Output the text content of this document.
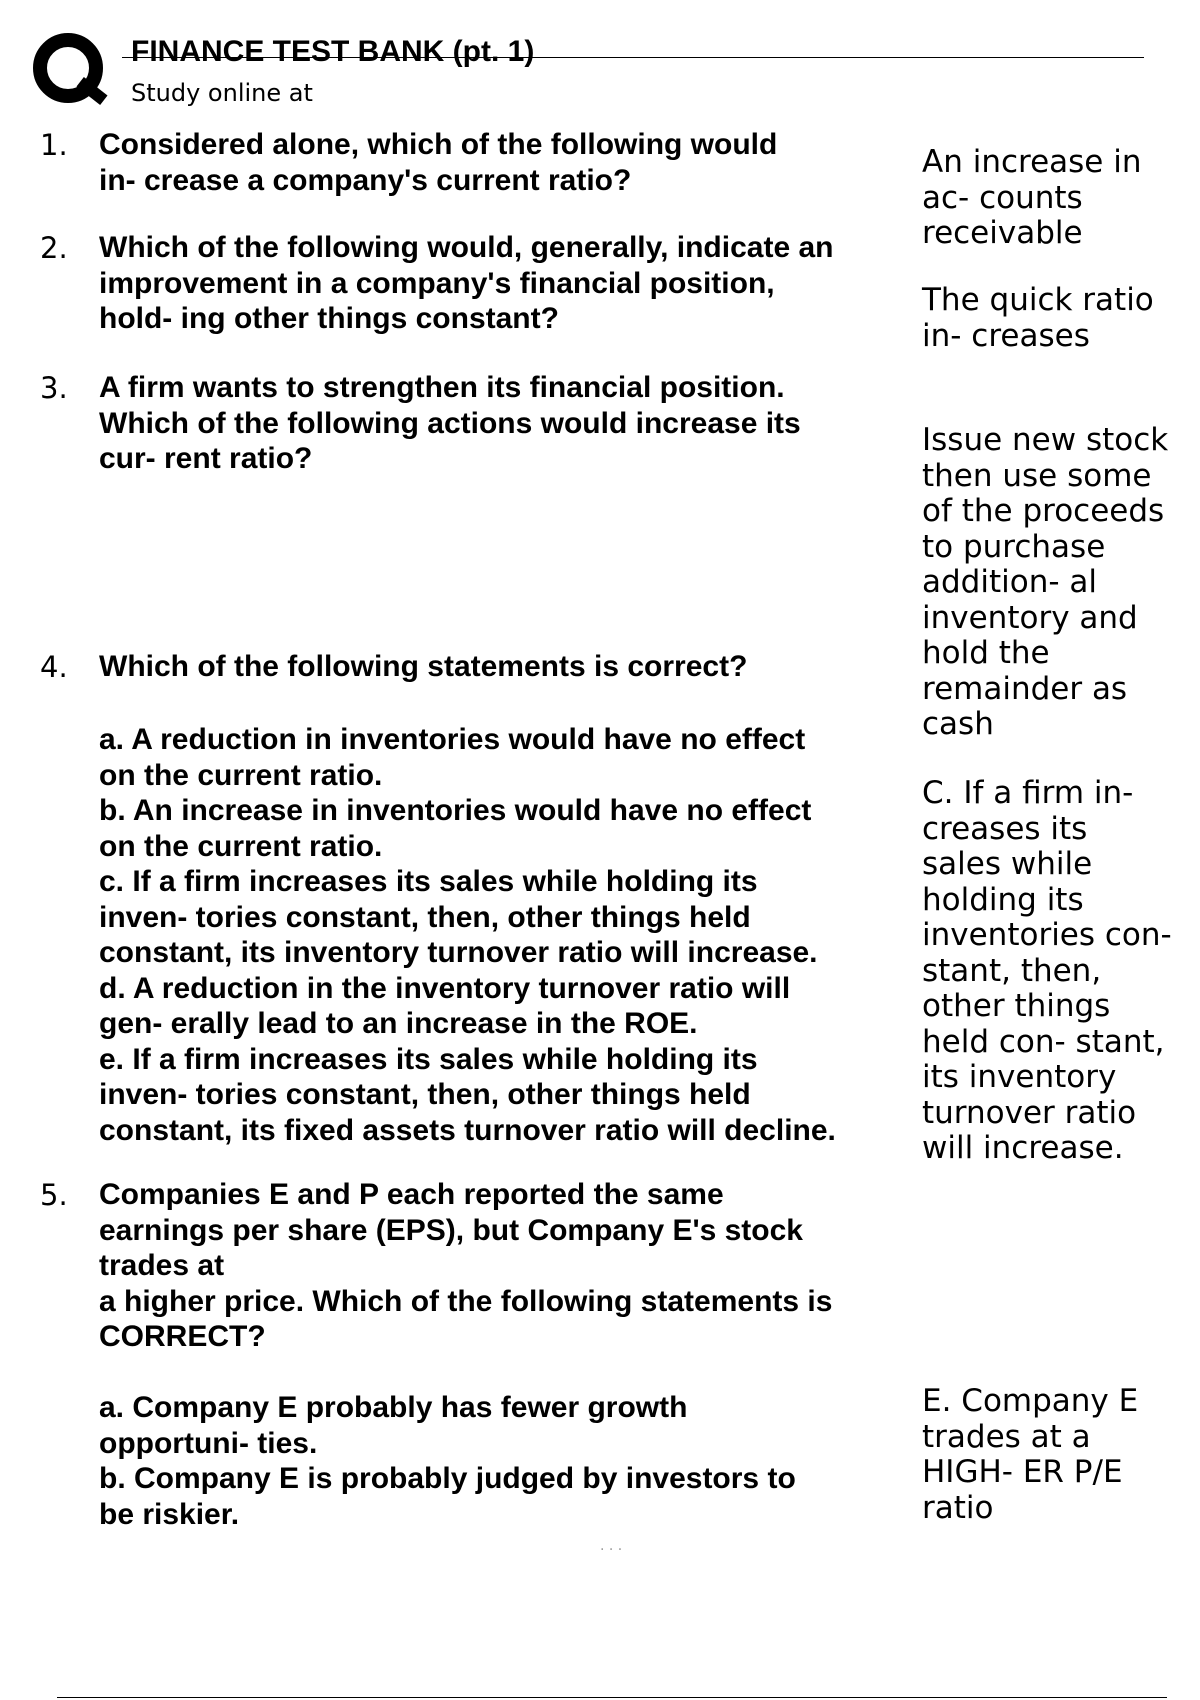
FINANCE TEST BANK (pt. 1)
Study online at
1. Considered alone, which of the following would
in- crease a company's current ratio?	An increase in
ac- counts
receivable
2. Which of the following would, generally, indicate an
improvement in a company's financial position,
hold- ing other things constant?
The quick ratio
in- creases
3. A firm wants to strengthen its financial position.
Which of the following actions would increase its
cur- rent ratio?
Issue new stock
then use some
of the proceeds
to purchase
addition- al
inventory and
hold the
remainder as
cash
4. Which of the following statements is correct?
a. A reduction in inventories would have no effect
on the current ratio.
b. An increase in inventories would have no effect
on the current ratio.
c. If a firm increases its sales while holding its
inven- tories constant, then, other things held
constant, its inventory turnover ratio will increase.
d. A reduction in the inventory turnover ratio will
gen- erally lead to an increase in the ROE.
e. If a firm increases its sales while holding its
inven- tories constant, then, other things held
constant, its fixed assets turnover ratio will decline.
C. If a firm in-
creases its
sales while
holding its
inventories con-
stant, then,
other things
held con- stant,
its inventory
turnover ratio
will increase.
5. Companies E and P each reported the same
earnings per share (EPS), but Company E's stock
trades at
a higher price. Which of the following statements is
CORRECT?
a. Company E probably has fewer growth
opportuni- ties.
b. Company E is probably judged by investors to
be riskier.
E. Company E
trades at a
HIGH- ER P/E
ratio
· · ·
